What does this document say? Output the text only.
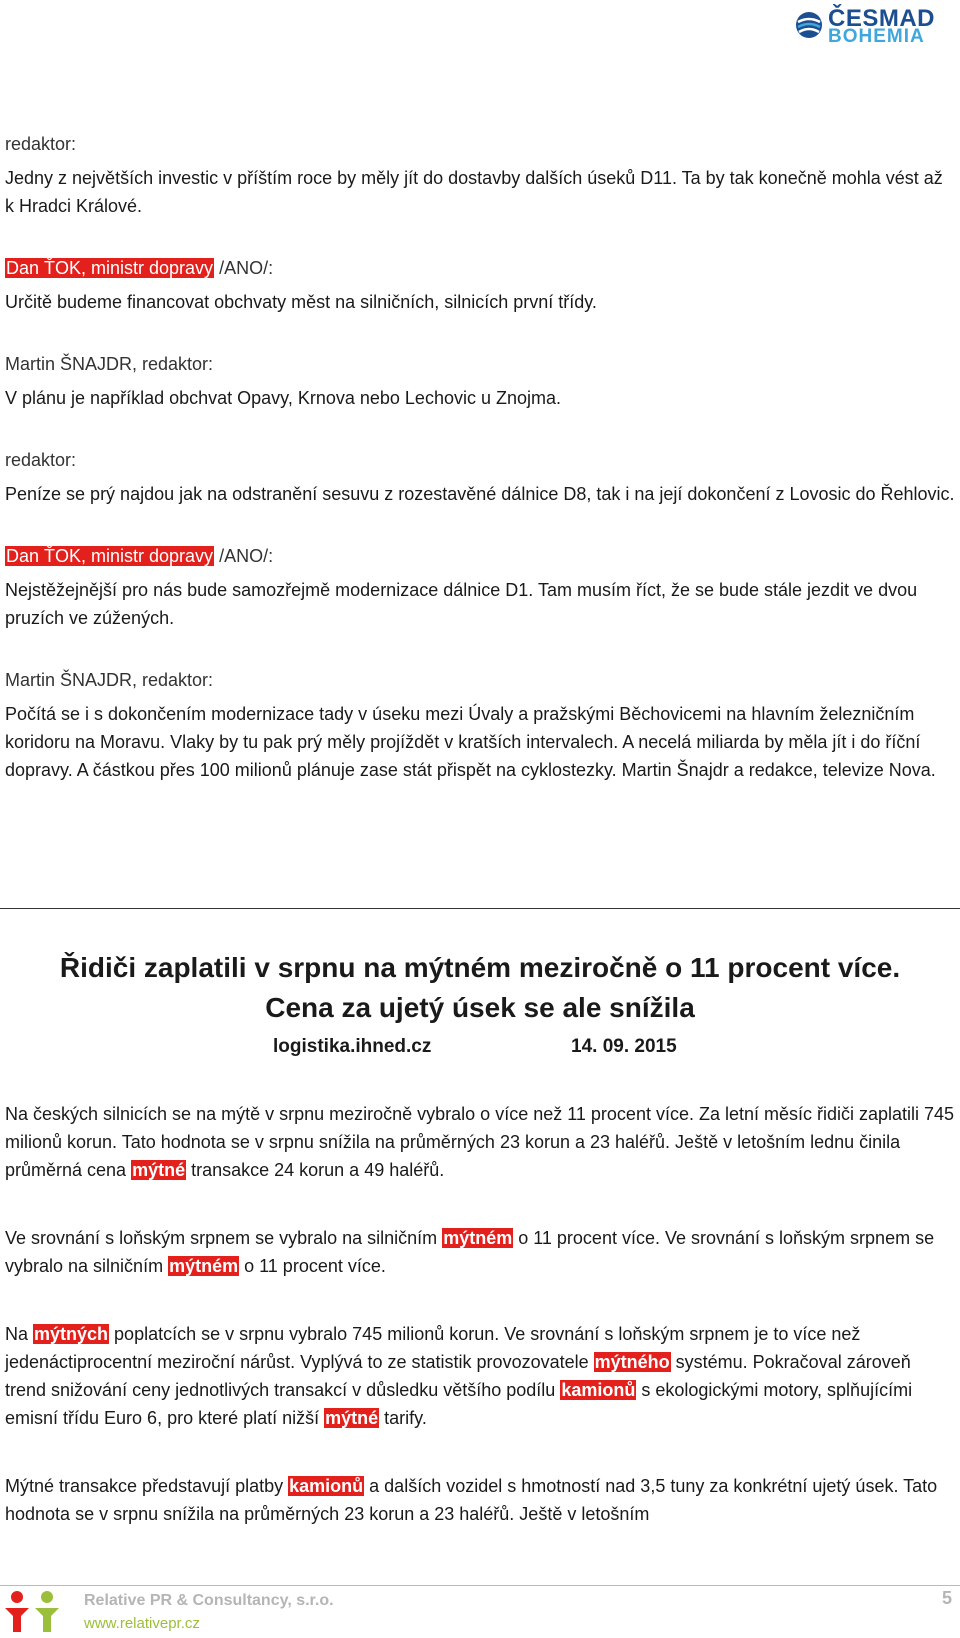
ČESMAD
BOHEMIA

redaktor:

Jedny z největších investic v příštím roce by měly jít do dostavby dalších úseků D11. Ta by tak konečně mohla vést až k Hradci Králové.

Dan ŤOK, ministr dopravy /ANO/:

Určitě budeme financovat obchvaty měst na silničních, silnicích první třídy.

Martin ŠNAJDR, redaktor:

V plánu je například obchvat Opavy, Krnova nebo Lechovic u Znojma.

redaktor:

Peníze se prý najdou jak na odstranění sesuvu z rozestavěné dálnice D8, tak i na její dokončení z Lovosic do Řehlovic.

Dan ŤOK, ministr dopravy /ANO/:

Nejstěžejnější pro nás bude samozřejmě modernizace dálnice D1. Tam musím říct, že se bude stále jezdit ve dvou pruzích ve zúžených.

Martin ŠNAJDR, redaktor:

Počítá se i s dokončením modernizace tady v úseku mezi Úvaly a pražskými Běchovicemi na hlavním železničním koridoru na Moravu. Vlaky by tu pak prý měly projíždět v kratších intervalech. A necelá miliarda by měla jít i do říční dopravy. A částkou přes 100 milionů plánuje zase stát přispět na cyklostezky. Martin Šnajdr a redakce, televize Nova.

Řidiči zaplatili v srpnu na mýtném meziročně o 11 procent více.
Cena za ujetý úsek se ale snížila
logistika.ihned.cz	14. 09. 2015

Na českých silnicích se na mýtě v srpnu meziročně vybralo o více než 11 procent více. Za letní měsíc řidiči zaplatili 745 milionů korun. Tato hodnota se v srpnu snížila na průměrných 23 korun a 23 haléřů. Ještě v letošním lednu činila průměrná cena mýtné transakce 24 korun a 49 haléřů.

Ve srovnání s loňským srpnem se vybralo na silničním mýtném o 11 procent více. Ve srovnání s loňským srpnem se vybralo na silničním mýtném o 11 procent více.

Na mýtných poplatcích se v srpnu vybralo 745 milionů korun. Ve srovnání s loňským srpnem je to více než jedenáctiprocentní meziroční nárůst. Vyplývá to ze statistik provozovatele mýtného systému. Pokračoval zároveň trend snižování ceny jednotlivých transakcí v důsledku většího podílu kamionů s ekologickými motory, splňujícími emisní třídu Euro 6, pro které platí nižší mýtné tarify.

Mýtné transakce představují platby kamionů a dalších vozidel s hmotností nad 3,5 tuny za konkrétní ujetý úsek. Tato hodnota se v srpnu snížila na průměrných 23 korun a 23 haléřů. Ještě v letošním

Relative PR & Consultancy, s.r.o.
www.relativepr.cz
5
